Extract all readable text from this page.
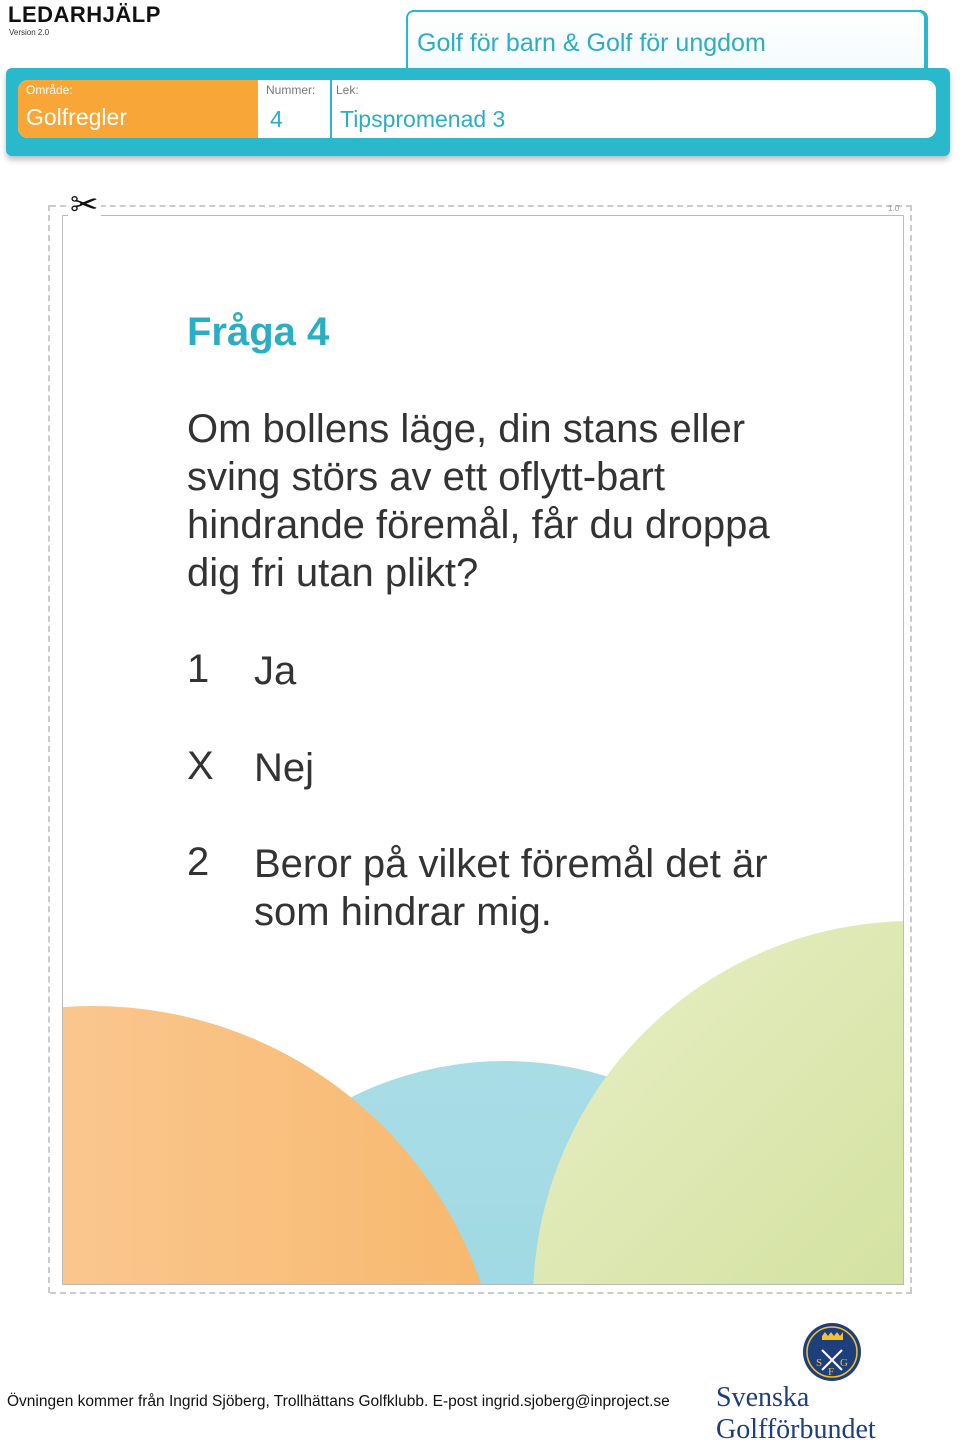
LEDARHJÄLP
Version 2.0	Golf för barn & Golf för ungdom
Område:
Golfregler
Nummer:
4
Lek:
Tipspromenad 3
✂	1.0
Fråga 4
Om bollens läge, din stans eller sving störs av ett oflytt-bart hindrande föremål, får du droppa dig fri utan plikt?
1 Ja
X Nej
2 Beror på vilket föremål det är som hindrar mig.
S
F
G
Svenska Golfförbundet
Övningen kommer från Ingrid Sjöberg, Trollhättans Golfklubb. E-post ingrid.sjoberg@inproject.se
